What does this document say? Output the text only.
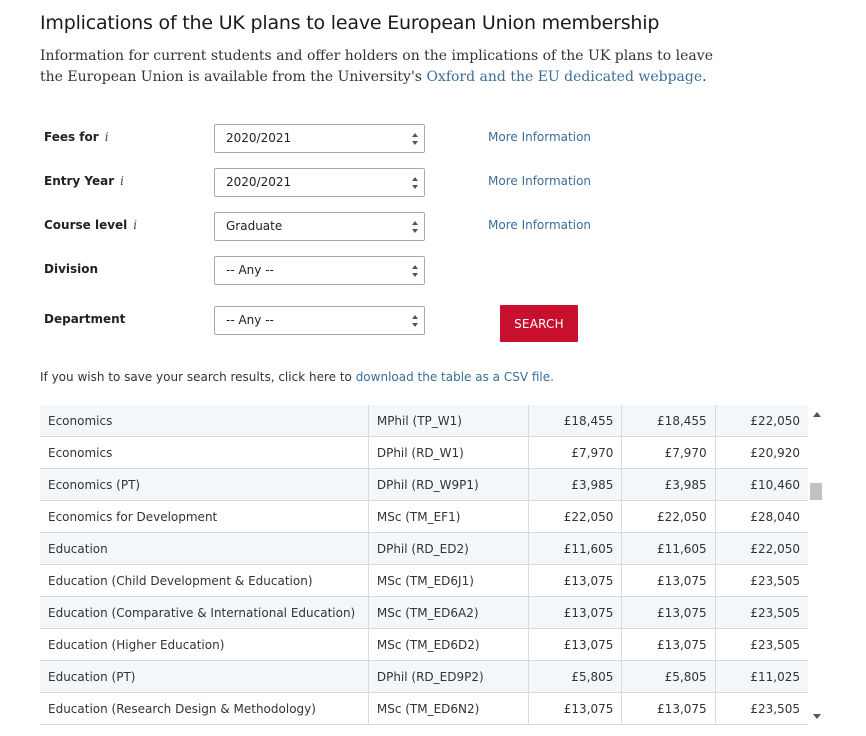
Implications of the UK plans to leave European Union membership

Information for current students and offer holders on the implications of the UK plans to leave the European Union is available from the University's Oxford and the EU dedicated webpage.

Fees for i	2020/2021	More Information
Entry Year i	2020/2021	More Information
Course level i	Graduate	More Information
Division	-- Any --
Department	-- Any --	SEARCH
If you wish to save your search results, click here to download the table as a CSV file.
Economics	MPhil (TP_W1)	£18,455	£18,455	£22,050
Economics	DPhil (RD_W1)	£7,970	£7,970	£20,920
Economics (PT)	DPhil (RD_W9P1)	£3,985	£3,985	£10,460
Economics for Development	MSc (TM_EF1)	£22,050	£22,050	£28,040
Education	DPhil (RD_ED2)	£11,605	£11,605	£22,050
Education (Child Development & Education)	MSc (TM_ED6J1)	£13,075	£13,075	£23,505
Education (Comparative & International Education)	MSc (TM_ED6A2)	£13,075	£13,075	£23,505
Education (Higher Education)	MSc (TM_ED6D2)	£13,075	£13,075	£23,505
Education (PT)	DPhil (RD_ED9P2)	£5,805	£5,805	£11,025
Education (Research Design & Methodology)	MSc (TM_ED6N2)	£13,075	£13,075	£23,505
